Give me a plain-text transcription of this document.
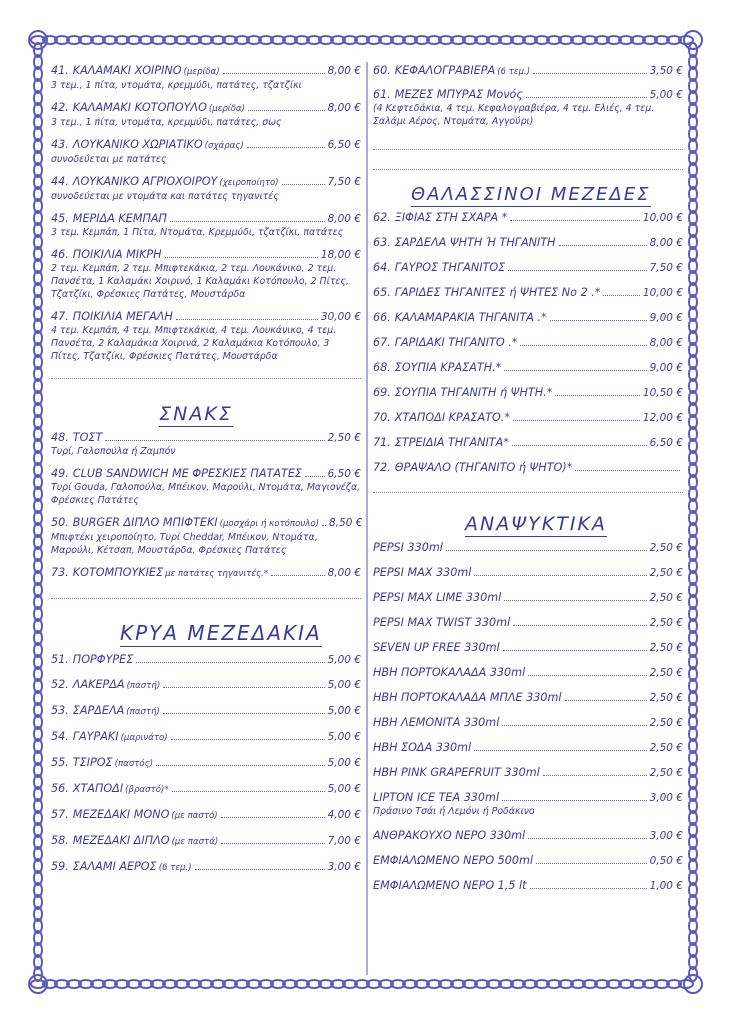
41. ΚΑΛΑΜΑΚΙ ΧΟΙΡΙΝΟ (μερίδα)	8,00 €
3 τεμ., 1 πίτα, ντομάτα, κρεμμύδι, πατάτες, τζατζίκι
42. ΚΑΛΑΜΑΚΙ ΚΟΤΟΠΟΥΛΟ (μερίδα)	8,00 €
3 τεμ., 1 πίτα, ντομάτα, κρεμμύδι, πατάτες, σως
43. ΛΟΥΚΑΝΙΚΟ ΧΩΡΙΑΤΙΚΟ (σχάρας)	6,50 €
συνοδεύεται με πατάτες
44. ΛΟΥΚΑΝΙΚΟ ΑΓΡΙΟΧΟΙΡΟΥ (χειροποίητο)	7,50 €
συνοδεύεται με ντομάτα και πατάτες τηγανιτές
45. ΜΕΡΙΔΑ ΚΕΜΠΑΠ	8,00 €
3 τεμ. Κεμπάπ, 1 Πίτα, Ντομάτα, Κρεμμύδι, τζατζίκι, πατάτες
46. ΠΟΙΚΙΛΙΑ ΜΙΚΡΗ	18,00 €
2 τεμ. Κεμπάπ, 2 τεμ. Μπιφτεκάκια, 2 τεμ. Λουκάνικο, 2 τεμ. Πανσέτα, 1 Καλαμάκι Χοιρινό, 1 Καλαμάκι Κοτόπουλο, 2 Πίτες, Τζατζίκι, Φρέσκιες Πατάτες, Μουστάρδα
47. ΠΟΙΚΙΛΙΑ ΜΕΓΑΛΗ	30,00 €
4 τεμ. Κεμπάπ, 4 τεμ. Μπιφτεκάκια, 4 τεμ. Λουκάνικο, 4 τεμ. Πανσέτα, 2 Καλαμάκια Χοιρινά, 2 Καλαμάκια Κοτόπουλο, 3 Πίτες, Τζατζίκι, Φρέσκιες Πατάτες, Μουστάρδα
ΣΝΑΚΣ
48. ΤΟΣΤ	2,50 €
Τυρί, Γαλοπούλα ή Ζαμπόν
49. CLUB SANDWICH ΜΕ ΦΡΕΣΚΙΕΣ ΠΑΤΑΤΕΣ 6,50 €
Τυρί Gouda, Γαλοπούλα, Μπέικον, Μαρούλι, Ντομάτα, Μαγιονέζα, Φρέσκιες Πατάτες
50. BURGER ΔΙΠΛΟ ΜΠΙΦΤΕΚΙ (μοσχάρι ή κοτόπουλο) 8,50 €
Μπιφτέκι χειροποίητο, Τυρί Cheddar, Μπέικον, Ντομάτα, Μαρούλι, Κέτσαπ, Μουστάρδα, Φρέσκιες Πατάτες
73. ΚΟΤΟΜΠΟΥΚΙΕΣ με πατάτες τηγανιτές.*	8,00 €
ΚΡΥΑ ΜΕΖΕΔΑΚΙΑ
51. ΠΟΡΦΥΡΕΣ	5,00 €
52. ΛΑΚΕΡΔΑ (παστή)	5,00 €
53. ΣΑΡΔΕΛΑ (παστή)	5,00 €
54. ΓΑΥΡΑΚΙ (μαρινάτο)	5,00 €
55. ΤΣΙΡΟΣ (παστός)	5,00 €
56. ΧΤΑΠΟΔΙ (βραστό)*	5,00 €
57. ΜΕΖΕΔΑΚΙ ΜΟΝΟ (με παστό)	4,00 €
58. ΜΕΖΕΔΑΚΙ ΔΙΠΛΟ (με παστά)	7,00 €
59. ΣΑΛΑΜΙ ΑΕΡΟΣ (6 τεμ.)	3,00 €
60. ΚΕΦΑΛΟΓΡΑΒΙΕΡΑ (6 τεμ.)	3,50 €
61. ΜΕΖΕΣ ΜΠΥΡΑΣ Μονός	5,00 €
(4 Κεφτεδάκια, 4 τεμ. Κεφαλογραβιέρα, 4 τεμ. Ελιές, 4 τεμ. Σαλάμι Αέρος, Ντομάτα, Αγγούρι)
ΘΑΛΑΣΣΙΝΟΙ ΜΕΖΕΔΕΣ
62. ΞΙΦΙΑΣ ΣΤΗ ΣΧΑΡΑ *	10,00 €
63. ΣΑΡΔΕΛΑ ΨΗΤΗ Ή ΤΗΓΑΝΙΤΗ	8,00 €
64. ΓΑΥΡΟΣ ΤΗΓΑΝΙΤΟΣ	7,50 €
65. ΓΑΡΙΔΕΣ ΤΗΓΑΝΙΤΕΣ ή ΨΗΤΕΣ No 2 .*	10,00 €
66. ΚΑΛΑΜΑΡΑΚΙΑ ΤΗΓΑΝΙΤΑ .*	9,00 €
67. ΓΑΡΙΔΑΚΙ ΤΗΓΑΝΙΤΟ .*	8,00 €
68. ΣΟΥΠΙΑ ΚΡΑΣΑΤΗ.*	9,00 €
69. ΣΟΥΠΙΑ ΤΗΓΑΝΙΤΗ ή ΨΗΤΗ.*	10,50 €
70. ΧΤΑΠΟΔΙ ΚΡΑΣΑΤΟ.*	12,00 €
71. ΣΤΡΕΙΔΙΑ ΤΗΓΑΝΙΤΑ*	6,50 €
72. ΘΡΑΨΑΛΟ (ΤΗΓΑΝΙΤΟ ή ΨΗΤΟ)*
ΑΝΑΨΥΚΤΙΚΑ
PEPSI 330ml	2,50 €
PEPSI MAX 330ml	2,50 €
PEPSI MAX LIME 330ml	2,50 €
PEPSI MAX TWIST 330ml	2,50 €
SEVEN UP FREE 330ml	2,50 €
ΗΒΗ ΠΟΡΤΟΚΑΛΑΔΑ 330ml	2,50 €
ΗΒΗ ΠΟΡΤΟΚΑΛΑΔΑ ΜΠΛΕ 330ml	2,50 €
ΗΒΗ ΛΕΜΟΝΙΤΑ 330ml	2,50 €
ΗΒΗ ΣΟΔΑ 330ml	2,50 €
ΗΒΗ PINK GRAPEFRUIT 330ml	2,50 €
LIPTON ICE TEA 330ml	3,00 €
Πράσινο Τσάι ή Λεμόνι ή Ροδάκινο
ΑΝΘΡΑΚΟΥΧΟ ΝΕΡΟ 330ml	3,00 €
ΕΜΦΙΑΛΩΜΕΝΟ ΝΕΡΟ 500ml	0,50 €
ΕΜΦΙΑΛΩΜΕΝΟ ΝΕΡΟ 1,5 lt	1,00 €
